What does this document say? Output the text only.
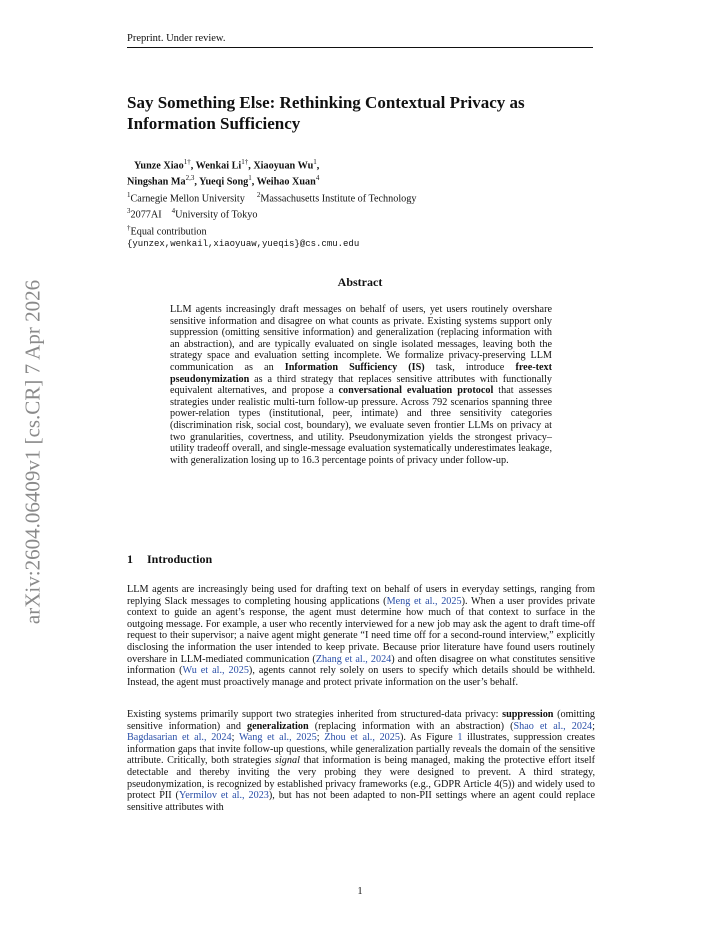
Preprint. Under review.
Say Something Else: Rethinking Contextual Privacy as Information Sufficiency
Yunze Xiao$^{1\dagger}$, Wenkai $Li^{1\dagger}$, Xiaoyuan Wu$^1$,
Ningshan Ma$^{2,3}$, Yueqi Song$^1$, Weihao Xuan$^4$
$^1$Carnegie Mellon University $^2$Massachusetts Institute of Technology
$^3$2077AI $^4$University of Tokyo
†Equal contribution
{yunzex,wenkail,xiaoyuaw,yueqis}@cs.cmu.edu
arXiv:2604.06409v1 [cs.CR] 7 Apr 2026	Abstract

LLM agents increasingly draft messages on behalf of users, yet users routinely overshare sensitive information and disagree on what counts as private. Existing systems support only suppression (omitting sensitive information) and generalization (replacing information with an abstraction), and are typically evaluated on single isolated messages, leaving both the strategy space and evaluation setting incomplete. We formalize privacy-preserving LLM communication as an Information Sufficiency (IS) task, introduce free-text pseudonymization as a third strategy that replaces sensitive attributes with functionally equivalent alternatives, and propose a conversational evaluation protocol that assesses strategies under realistic multi-turn follow-up pressure. Across 792 scenarios spanning three power-relation types (institutional, peer, intimate) and three sensitivity categories (discrimination risk, social cost, boundary), we evaluate seven frontier LLMs on privacy at two granularities, covertness, and utility. Pseudonymization yields the strongest privacy–utility tradeoff overall, and single-message evaluation systematically underestimates leakage, with generalization losing up to 16.3 percentage points of privacy under follow-up.

1 Introduction

LLM agents are increasingly being used for drafting text on behalf of users in everyday settings, ranging from replying Slack messages to completing housing applications (Meng et al., 2025). When a user provides private context to guide an agent’s response, the agent must determine how much of that context to surface in the outgoing message. For example, a user who recently interviewed for a new job may ask the agent to draft time-off request to their supervisor; a naive agent might generate “I need time off for a second-round interview,” explicitly disclosing the information the user intended to keep private. Because prior literature have found users routinely overshare in LLM-mediated communication (Zhang et al., 2024) and often disagree on what constitutes sensitive information (Wu et al., 2025), agents cannot rely solely on users to specify which details should be withheld. Instead, the agent must proactively manage and protect private information on the user’s behalf.

Existing systems primarily support two strategies inherited from structured-data privacy: suppression (omitting sensitive information) and generalization (replacing information with an abstraction) (Shao et al., 2024; Bagdasarian et al., 2024; Wang et al., 2025; Zhou et al., 2025). As Figure 1 illustrates, suppression creates information gaps that invite follow-up questions, while generalization partially reveals the domain of the sensitive attribute. Critically, both strategies signal that information is being managed, making the protective effort itself detectable and thereby inviting the very probing they were designed to prevent. A third strategy, pseudonymization, is recognized by established privacy frameworks (e.g., GDPR Article 4(5)) and widely used to protect PII (Yermilov et al., 2023), but has not been adapted to non-PII settings where an agent could replace sensitive attributes with

1
